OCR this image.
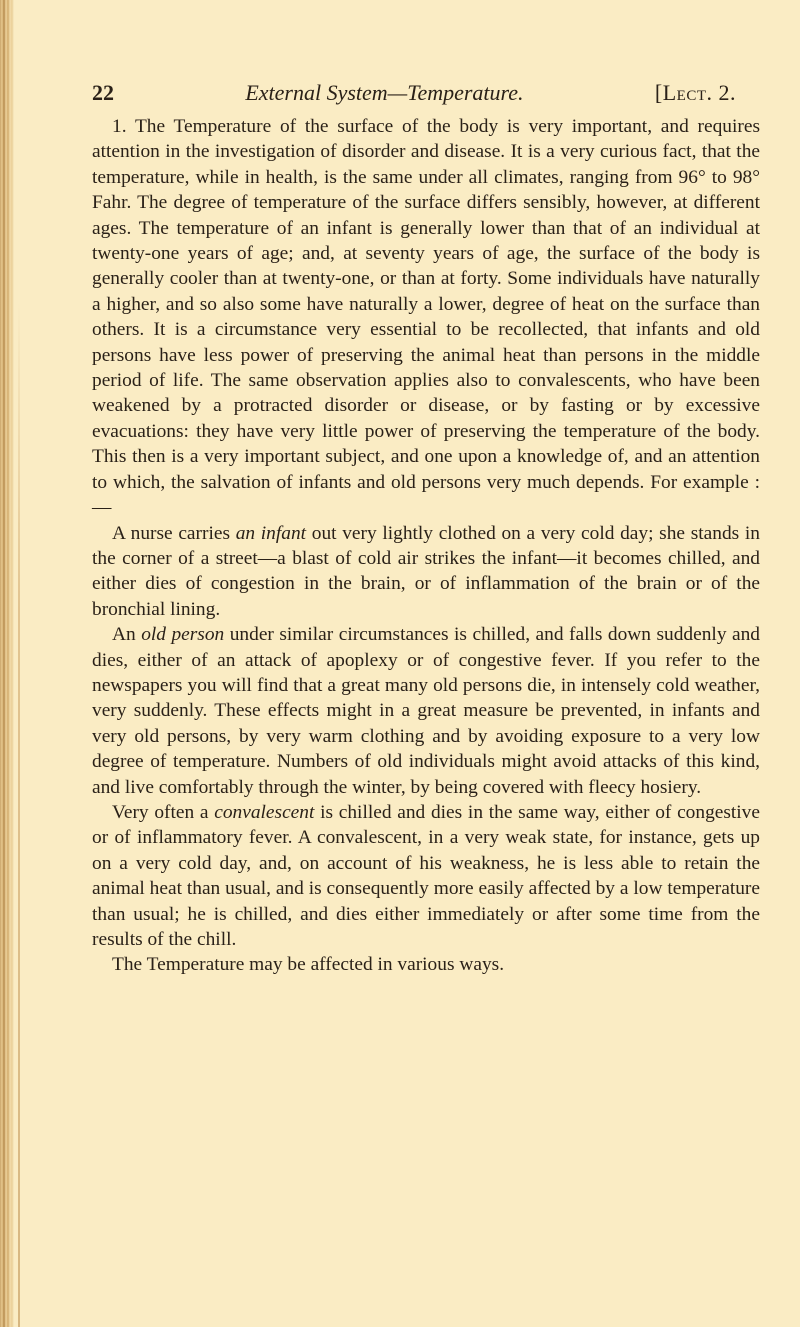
22	External System—Temperature.	[Lect. 2.

1. The Temperature of the surface of the body is very important, and requires attention in the investigation of disorder and disease. It is a very curious fact, that the temperature, while in health, is the same under all climates, ranging from 96° to 98° Fahr. The degree of temperature of the surface differs sensibly, however, at different ages. The temperature of an infant is generally lower than that of an individual at twenty-one years of age; and, at seventy years of age, the surface of the body is generally cooler than at twenty-one, or than at forty. Some individuals have naturally a higher, and so also some have naturally a lower, degree of heat on the surface than others. It is a circumstance very essential to be recollected, that infants and old persons have less power of preserving the animal heat than persons in the middle period of life. The same observation applies also to convalescents, who have been weakened by a protracted disorder or disease, or by fasting or by excessive evacuations: they have very little power of preserving the temperature of the body. This then is a very important subject, and one upon a knowledge of, and an attention to which, the salvation of infants and old persons very much depends. For example :—

A nurse carries an infant out very lightly clothed on a very cold day; she stands in the corner of a street—a blast of cold air strikes the infant—it becomes chilled, and either dies of congestion in the brain, or of inflammation of the brain or of the bronchial lining.

An old person under similar circumstances is chilled, and falls down suddenly and dies, either of an attack of apoplexy or of congestive fever. If you refer to the newspapers you will find that a great many old persons die, in intensely cold weather, very suddenly. These effects might in a great measure be prevented, in infants and very old persons, by very warm clothing and by avoiding exposure to a very low degree of temperature. Numbers of old individuals might avoid attacks of this kind, and live comfortably through the winter, by being covered with fleecy hosiery.

Very often a convalescent is chilled and dies in the same way, either of congestive or of inflammatory fever. A convalescent, in a very weak state, for instance, gets up on a very cold day, and, on account of his weakness, he is less able to retain the animal heat than usual, and is consequently more easily affected by a low temperature than usual; he is chilled, and dies either immediately or after some time from the results of the chill.

The Temperature may be affected in various ways.
